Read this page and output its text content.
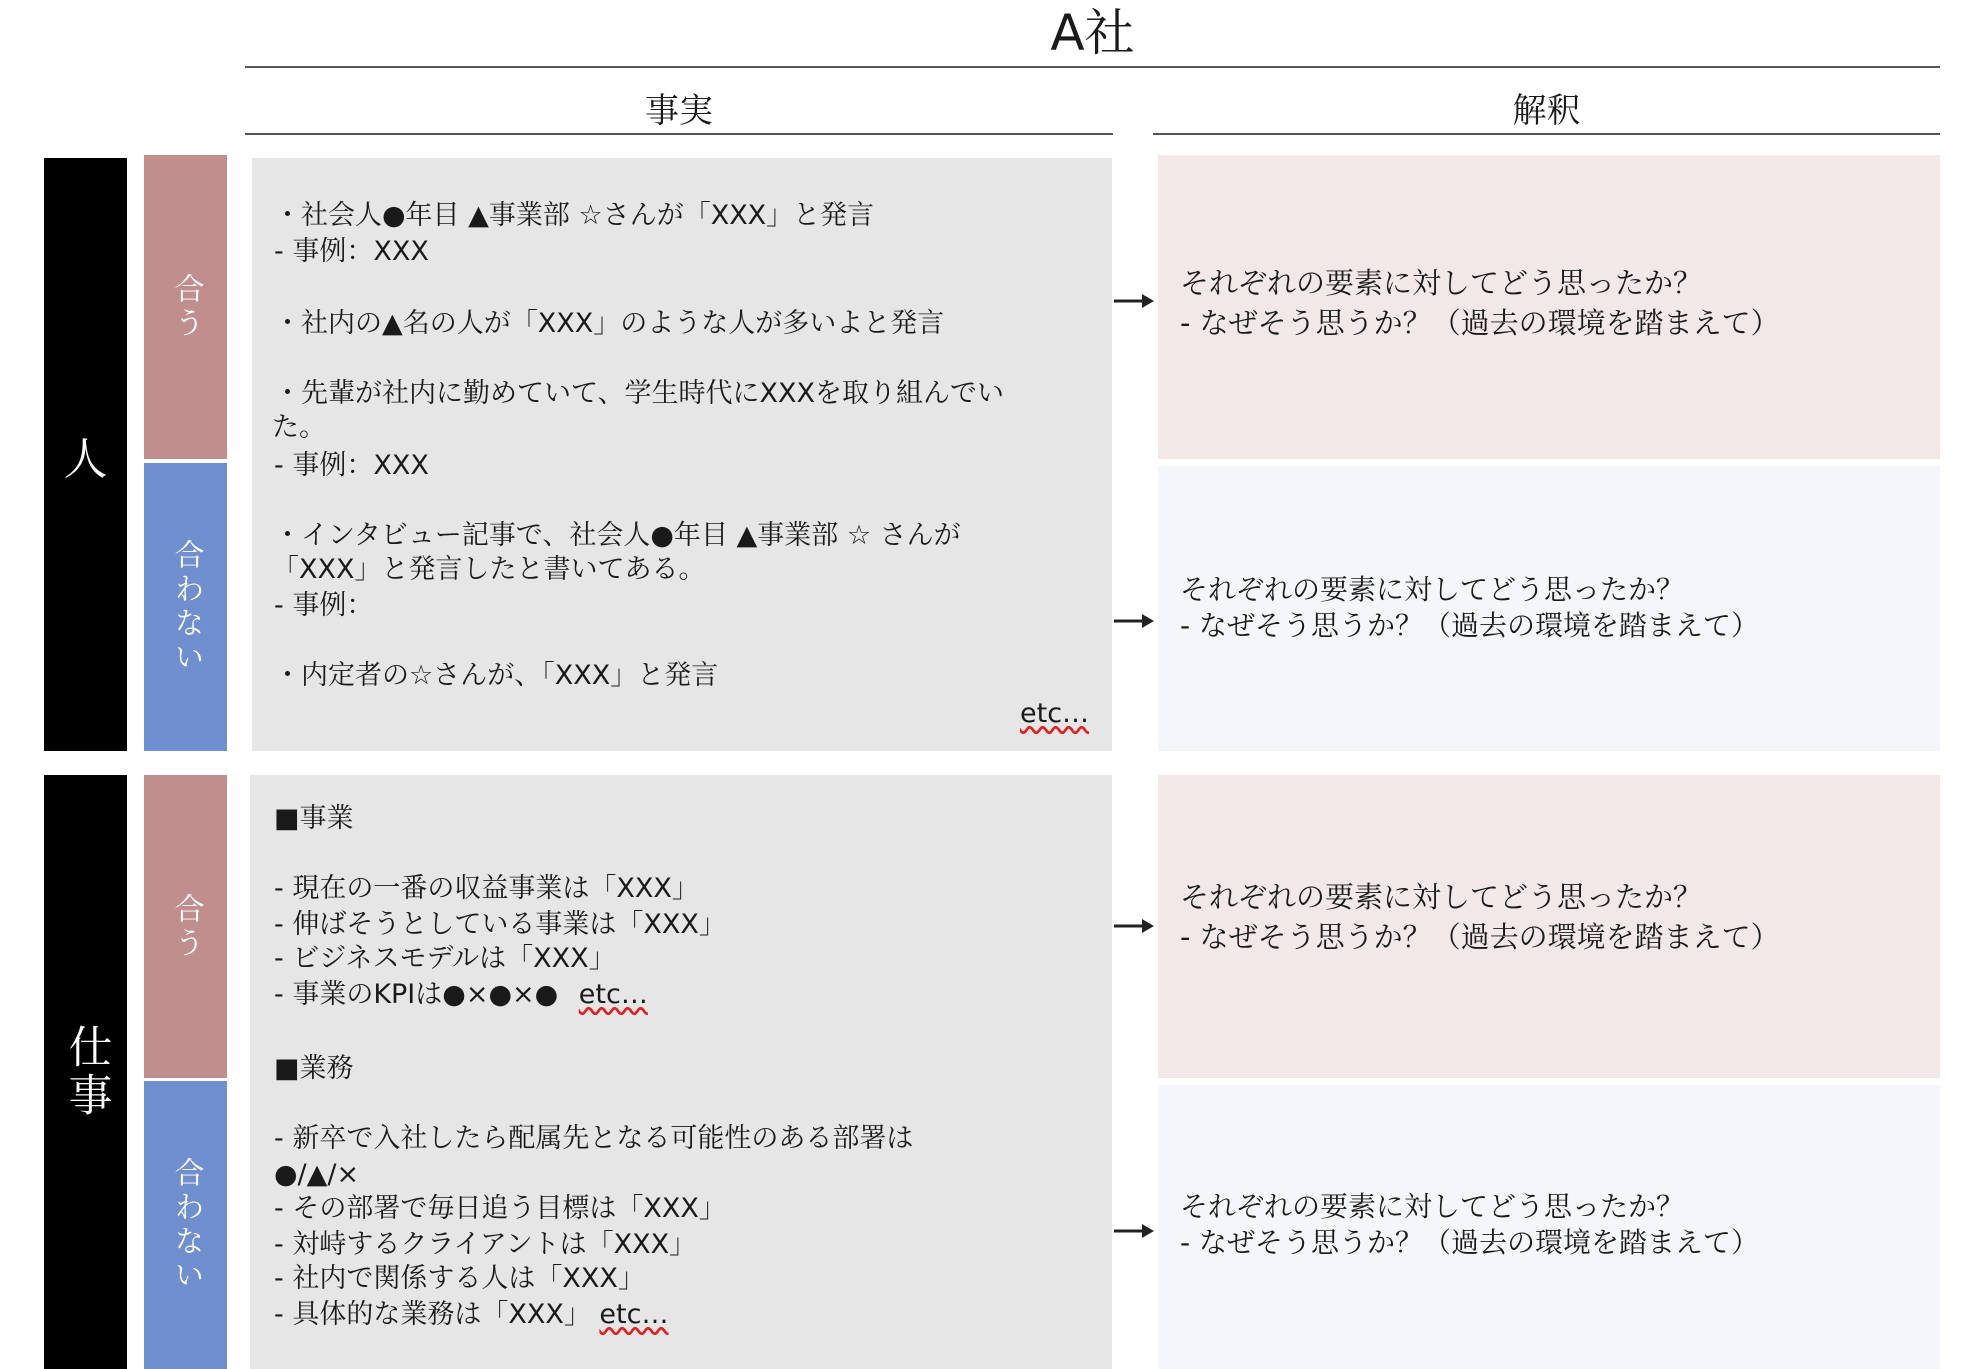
A社
事実	解釈
人
合う
合わない
・社会人●年目 ▲事業部 ☆さんが「XXX」と発言
- 事例：XXX
・社内の▲名の人が「XXX」のような人が多いよと発言
・先輩が社内に勤めていて、学生時代にXXXを取り組んでい
た。
- 事例：XXX
・インタビュー記事で、社会人●年目 ▲事業部 ☆ さんが
「XXX」と発言したと書いてある。
- 事例：
・内定者の☆さんが、「XXX」と発言
etc…
それぞれの要素に対してどう思ったか？
- なぜそう思うか？（過去の環境を踏まえて）
それぞれの要素に対してどう思ったか？
- なぜそう思うか？（過去の環境を踏まえて）
仕事
合う
合わない
■事業
- 現在の一番の収益事業は「XXX」
- 伸ばそうとしている事業は「XXX」
- ビジネスモデルは「XXX」
- 事業のKPIは●×●×● etc…
■業務
- 新卒で入社したら配属先となる可能性のある部署は
●/▲/×
- その部署で毎日追う目標は「XXX」
- 対峙するクライアントは「XXX」
- 社内で関係する人は「XXX」
- 具体的な業務は「XXX」 etc…
それぞれの要素に対してどう思ったか？
- なぜそう思うか？（過去の環境を踏まえて）
それぞれの要素に対してどう思ったか？
- なぜそう思うか？（過去の環境を踏まえて）
